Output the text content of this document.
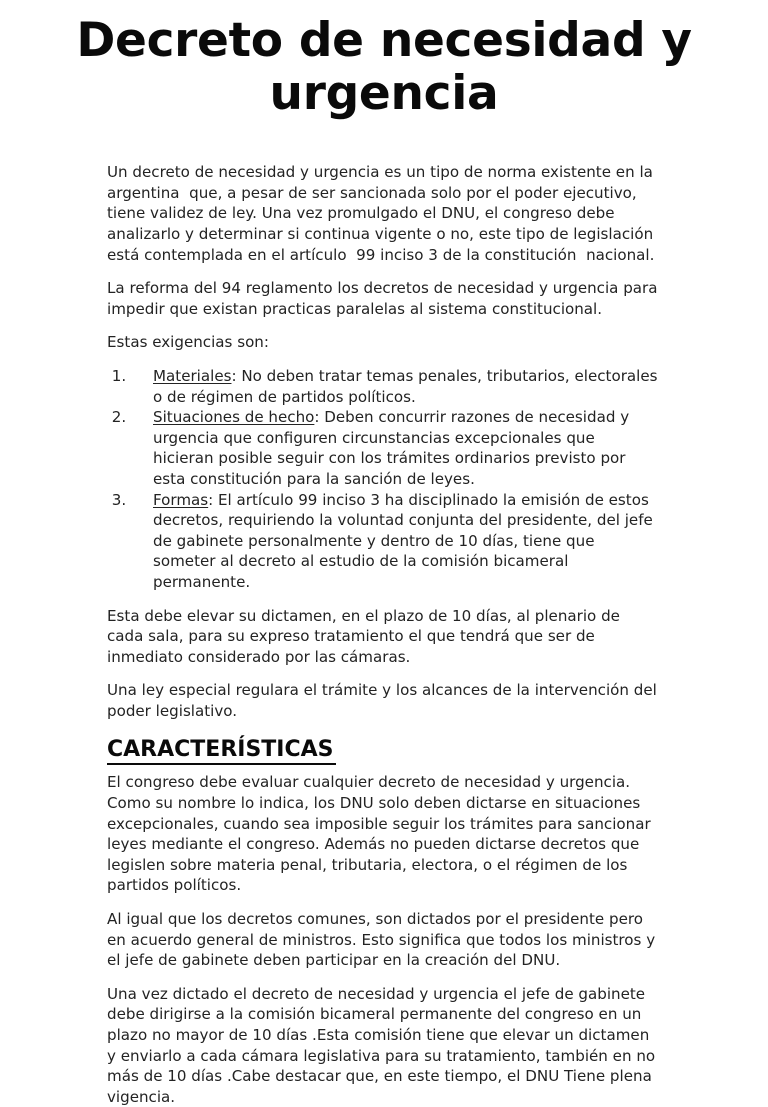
Decreto de necesidad y urgencia

Un decreto de necesidad y urgencia es un tipo de norma existente en la argentina  que, a pesar de ser sancionada solo por el poder ejecutivo, tiene validez de ley. Una vez promulgado el DNU, el congreso debe analizarlo y determinar si continua vigente o no, este tipo de legislación está contemplada en el artículo  99 inciso 3 de la constitución  nacional.

La reforma del 94 reglamento los decretos de necesidad y urgencia para impedir que existan practicas paralelas al sistema constitucional.

Estas exigencias son:

1. Materiales: No deben tratar temas penales, tributarios, electorales o de régimen de partidos políticos.
2. Situaciones de hecho: Deben concurrir razones de necesidad y urgencia que configuren circunstancias excepcionales que hicieran posible seguir con los trámites ordinarios previsto por esta constitución para la sanción de leyes.
3. Formas: El artículo 99 inciso 3 ha disciplinado la emisión de estos decretos, requiriendo la voluntad conjunta del presidente, del jefe de gabinete personalmente y dentro de 10 días, tiene que someter al decreto al estudio de la comisión bicameral permanente.

Esta debe elevar su dictamen, en el plazo de 10 días, al plenario de cada sala, para su expreso tratamiento el que tendrá que ser de inmediato considerado por las cámaras.

Una ley especial regulara el trámite y los alcances de la intervención del poder legislativo.

CARACTERÍSTICAS

El congreso debe evaluar cualquier decreto de necesidad y urgencia. Como su nombre lo indica, los DNU solo deben dictarse en situaciones excepcionales, cuando sea imposible seguir los trámites para sancionar leyes mediante el congreso. Además no pueden dictarse decretos que legislen sobre materia penal, tributaria, electora, o el régimen de los partidos políticos.

Al igual que los decretos comunes, son dictados por el presidente pero en acuerdo general de ministros. Esto significa que todos los ministros y el jefe de gabinete deben participar en la creación del DNU.

Una vez dictado el decreto de necesidad y urgencia el jefe de gabinete debe dirigirse a la comisión bicameral permanente del congreso en un plazo no mayor de 10 días .Esta comisión tiene que elevar un dictamen y enviarlo a cada cámara legislativa para su tratamiento, también en no más de 10 días .Cabe destacar que, en este tiempo, el DNU Tiene plena vigencia.
